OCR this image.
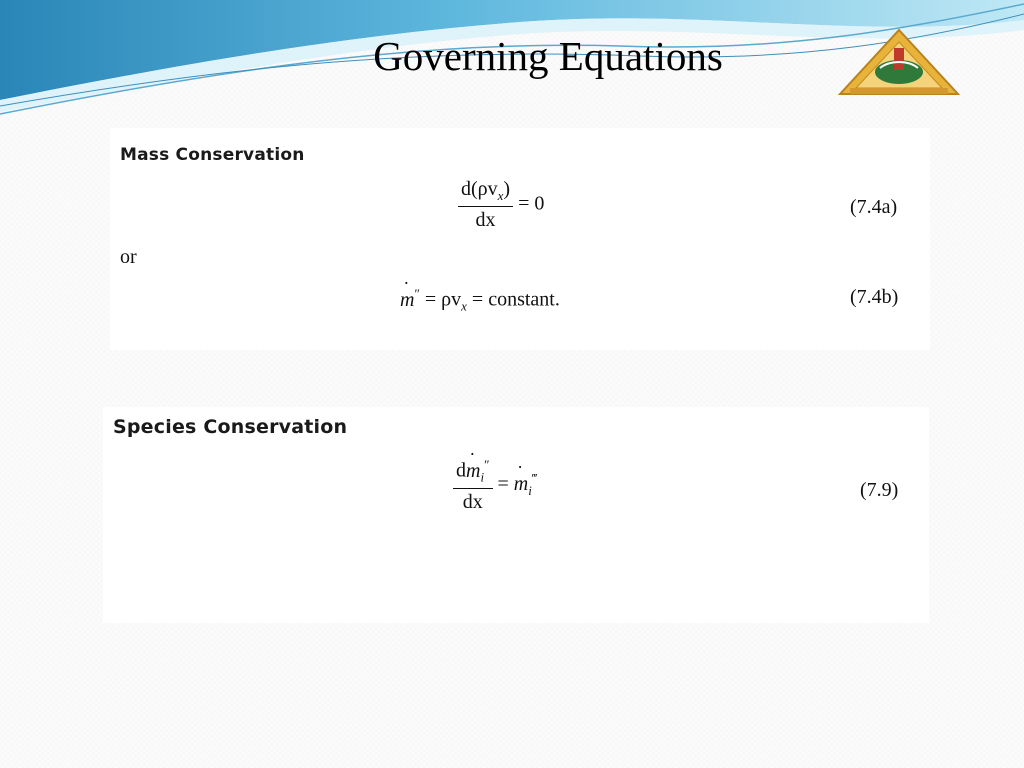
Governing Equations
Mass Conservation
$\frac{d(\rho v_x)}{dx} = 0$	(7.4a)
or
˙ $m'' = \rho v_x$ = constant.	(7.4b)
Species Conservation
$\frac{d˙ m_i''}{dx}$ = ˙ $m_i^‴$
(7.9)
